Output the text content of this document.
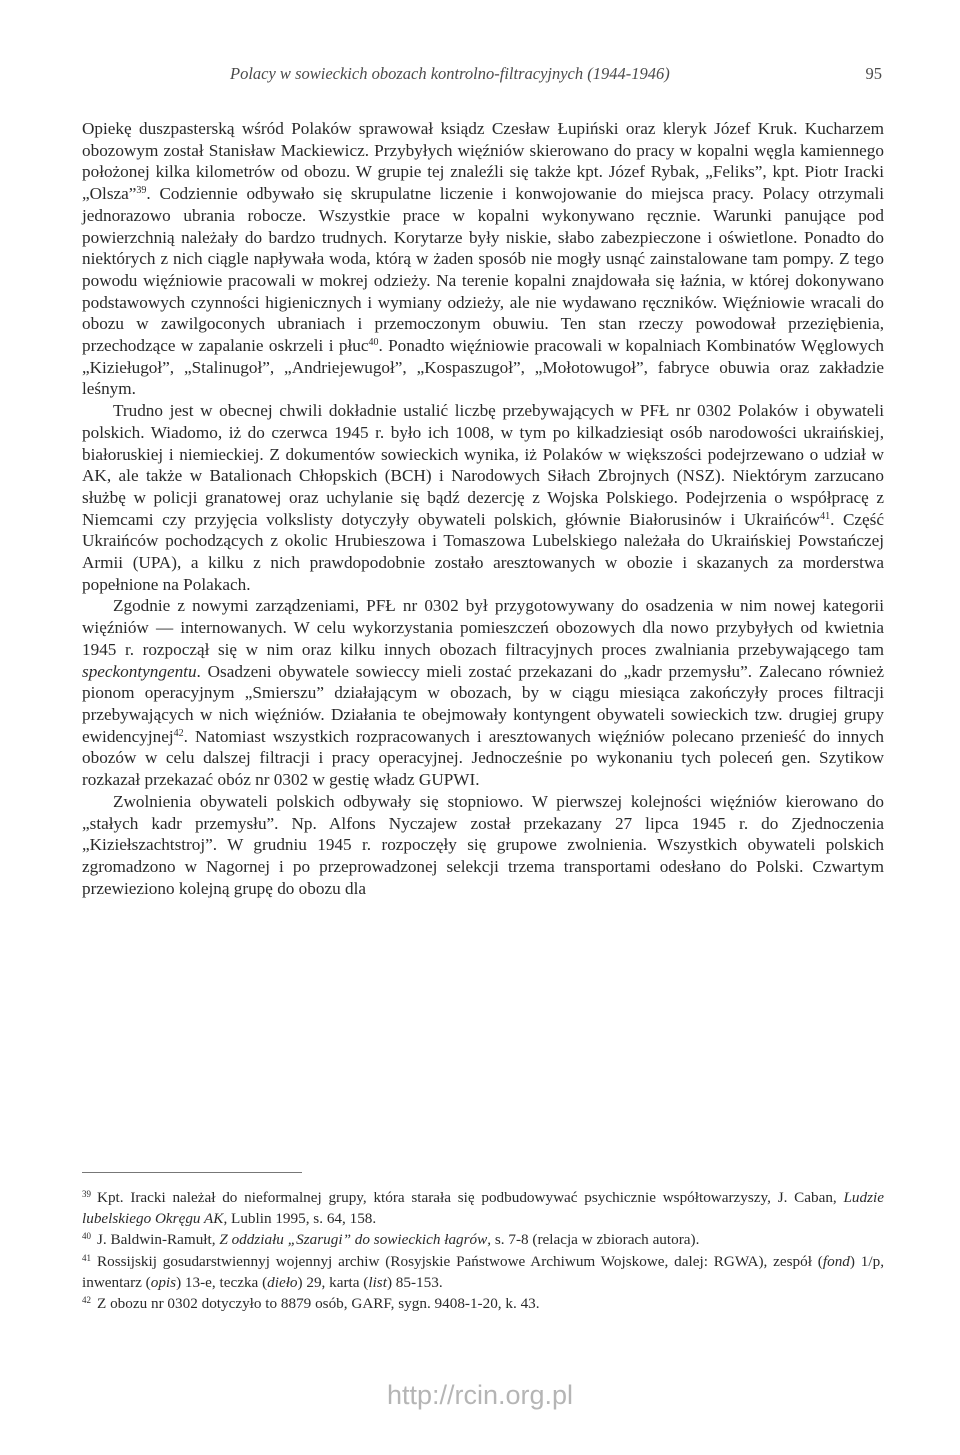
Polacy w sowieckich obozach kontrolno-filtracyjnych (1944-1946)	95

Opiekę duszpasterską wśród Polaków sprawował ksiądz Czesław Łupiński oraz kleryk Józef Kruk. Kucharzem obozowym został Stanisław Mackiewicz. Przybyłych więźniów skierowano do pracy w kopalni węgla kamiennego położonej kilka kilometrów od obozu. W grupie tej znaleźli się także kpt. Józef Rybak, „Feliks”, kpt. Piotr Iracki „Olsza”$^{39}$. Codziennie odbywało się skrupulatne liczenie i konwojowanie do miejsca pracy. Polacy otrzymali jednorazowo ubrania robocze. Wszystkie prace w kopalni wykonywano ręcznie. Warunki panujące pod powierzchnią należały do bardzo trudnych. Korytarze były niskie, słabo zabezpieczone i oświetlone. Ponadto do niektórych z nich ciągle napływała woda, którą w żaden sposób nie mogły usnąć zainstalowane tam pompy. Z tego powodu więźniowie pracowali w mokrej odzieży. Na terenie kopalni znajdowała się łaźnia, w której dokonywano podstawowych czynności higienicznych i wymiany odzieży, ale nie wydawano ręczników. Więźniowie wracali do obozu w zawilgoconych ubraniach i przemoczonym obuwiu. Ten stan rzeczy powodował przeziębienia, przechodzące w zapalanie oskrzeli i płuc$^{40}$. Ponadto więźniowie pracowali w kopalniach Kombinatów Węglowych „Kizieługoł”, „Stalinugoł”, „Andriejewugoł”, „Kospaszugoł”, „Mołotowugoł”, fabryce obuwia oraz zakładzie leśnym.

Trudno jest w obecnej chwili dokładnie ustalić liczbę przebywających w PFŁ nr 0302 Polaków i obywateli polskich. Wiadomo, iż do czerwca 1945 r. było ich 1008, w tym po kilkadziesiąt osób narodowości ukraińskiej, białoruskiej i niemieckiej. Z dokumentów sowieckich wynika, iż Polaków w większości podejrzewano o udział w AK, ale także w Batalionach Chłopskich (BCH) i Narodowych Siłach Zbrojnych (NSZ). Niektórym zarzucano służbę w policji granatowej oraz uchylanie się bądź dezercję z Wojska Polskiego. Podejrzenia o współpracę z Niemcami czy przyjęcia volkslisty dotyczyły obywateli polskich, głównie Białorusinów i Ukraińców$^{41}$. Część Ukraińców pochodzących z okolic Hrubieszowa i Tomaszowa Lubelskiego należała do Ukraińskiej Powstańczej Armii (UPA), a kilku z nich prawdopodobnie zostało aresztowanych w obozie i skazanych za morderstwa popełnione na Polakach.

Zgodnie z nowymi zarządzeniami, PFŁ nr 0302 był przygotowywany do osadzenia w nim nowej kategorii więźniów — internowanych. W celu wykorzystania pomieszczeń obozowych dla nowo przybyłych od kwietnia 1945 r. rozpoczął się w nim oraz kilku innych obozach filtracyjnych proces zwalniania przebywającego tam speckontyngentu. Osadzeni obywatele sowieccy mieli zostać przekazani do „kadr przemysłu”. Zalecano również pionom operacyjnym „Smierszu” działającym w obozach, by w ciągu miesiąca zakończyły proces filtracji przebywających w nich więźniów. Działania te obejmowały kontyngent obywateli sowieckich tzw. drugiej grupy ewidencyjnej$^{42}$. Natomiast wszystkich rozpracowanych i aresztowanych więźniów polecano przenieść do innych obozów w celu dalszej filtracji i pracy operacyjnej. Jednocześnie po wykonaniu tych poleceń gen. Szytikow rozkazał przekazać obóz nr 0302 w gestię władz GUPWI.

Zwolnienia obywateli polskich odbywały się stopniowo. W pierwszej kolejności więźniów kierowano do „stałych kadr przemysłu”. Np. Alfons Nyczajew został przekazany 27 lipca 1945 r. do Zjednoczenia „Kiziełszachtstroj”. W grudniu 1945 r. rozpoczęły się grupowe zwolnienia. Wszystkich obywateli polskich zgromadzono w Nagornej i po przeprowadzonej selekcji trzema transportami odesłano do Polski. Czwartym przewieziono kolejną grupę do obozu dla

$^{39}$ Kpt. Iracki należał do nieformalnej grupy, która starała się podbudowywać psychicznie współtowarzyszy, J. Caban, Ludzie lubelskiego Okręgu AK, Lublin 1995, s. 64, 158.

$^{40}$ J. Baldwin-Ramułt, Z oddziału „Szarugi” do sowieckich łagrów, s. 7-8 (relacja w zbiorach autora).

$^{41}$ Rossijskij gosudarstwiennyj wojennyj archiw (Rosyjskie Państwowe Archiwum Wojskowe, dalej: RGWA), zespół (fond) 1/p, inwentarz (opis) 13-e, teczka (dieło) 29, karta (list) 85-153.

$^{42}$ Z obozu nr 0302 dotyczyło to 8879 osób, GARF, sygn. 9408-1-20, k. 43.

http://rcin.org.pl
